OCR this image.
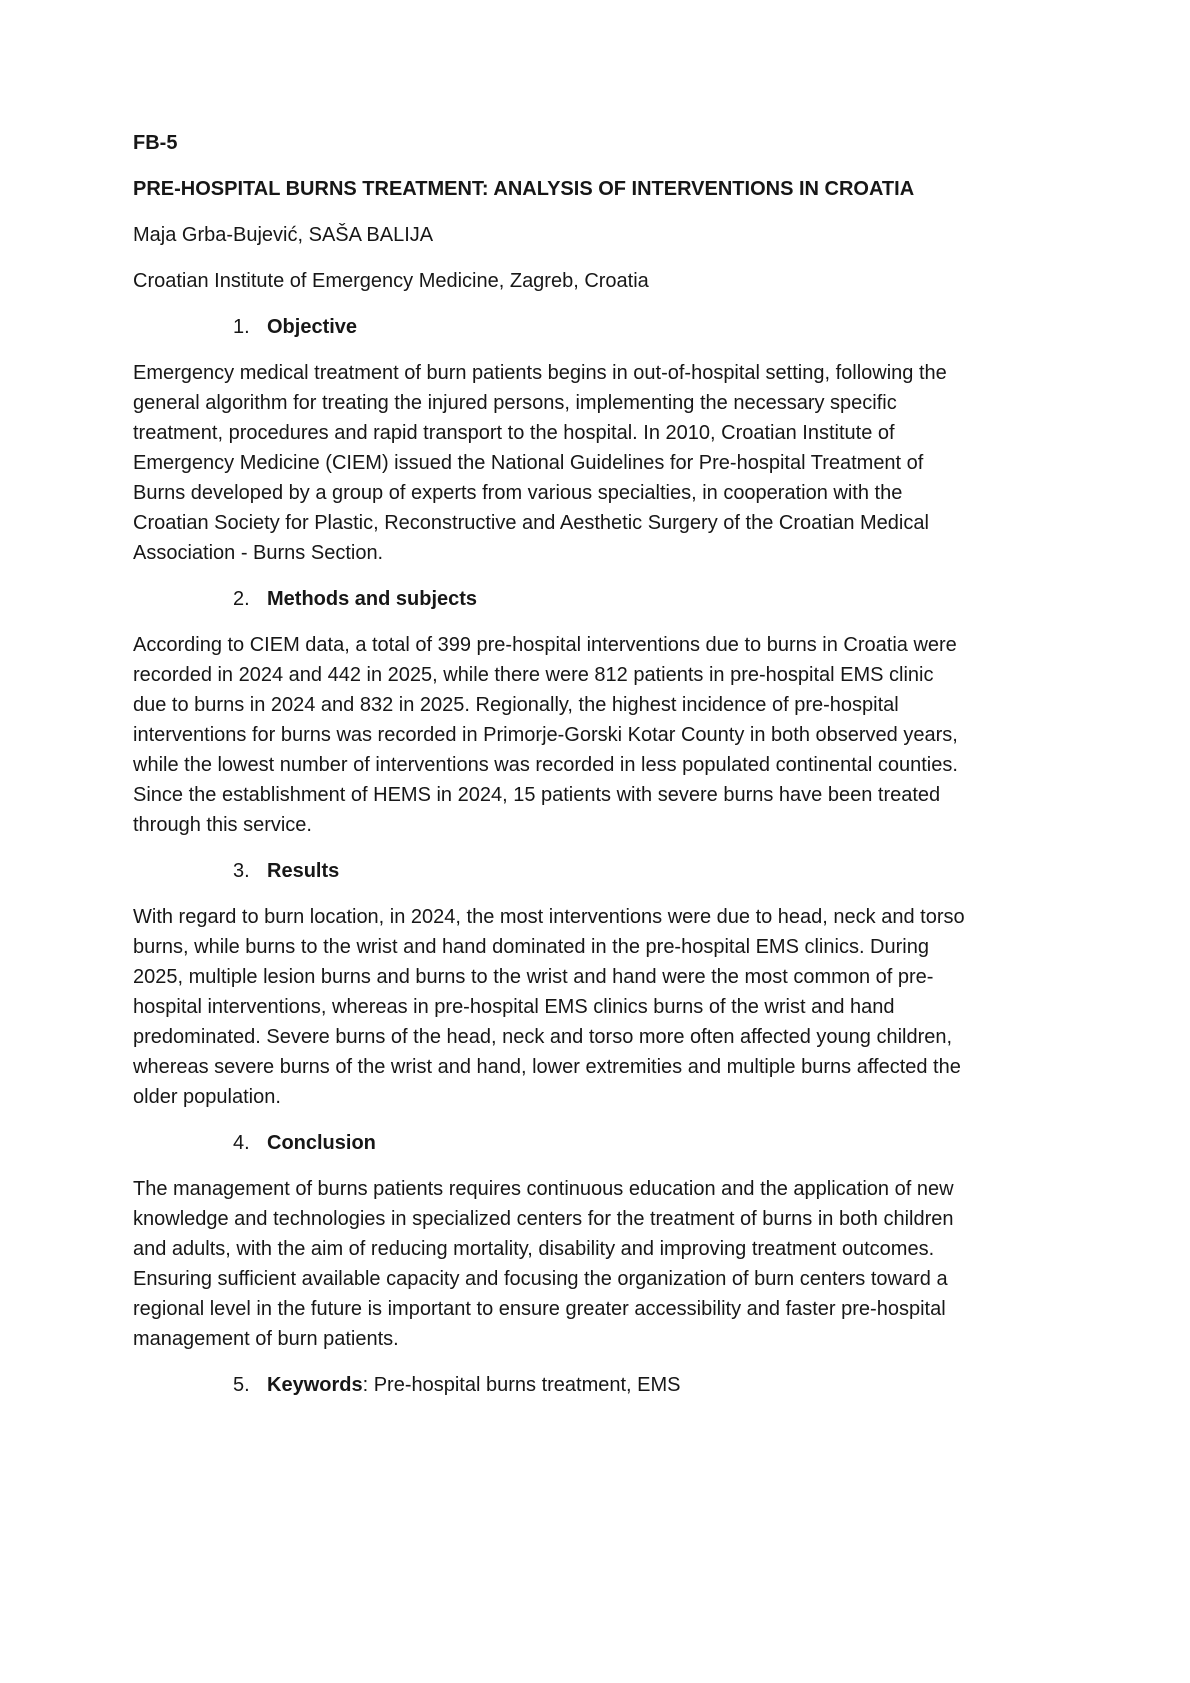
FB-5
PRE-HOSPITAL BURNS TREATMENT: ANALYSIS OF INTERVENTIONS IN CROATIA
Maja Grba-Bujević, SAŠA BALIJA
Croatian Institute of Emergency Medicine, Zagreb, Croatia
1. Objective

Emergency medical treatment of burn patients begins in out-of-hospital setting, following the general algorithm for treating the injured persons, implementing the necessary specific treatment, procedures and rapid transport to the hospital. In 2010, Croatian Institute of Emergency Medicine (CIEM) issued the National Guidelines for Pre-hospital Treatment of Burns developed by a group of experts from various specialties, in cooperation with the Croatian Society for Plastic, Reconstructive and Aesthetic Surgery of the Croatian Medical Association - Burns Section.

2. Methods and subjects

According to CIEM data, a total of 399 pre-hospital interventions due to burns in Croatia were recorded in 2024 and 442 in 2025, while there were 812 patients in pre-hospital EMS clinic due to burns in 2024 and 832 in 2025. Regionally, the highest incidence of pre-hospital interventions for burns was recorded in Primorje-Gorski Kotar County in both observed years, while the lowest number of interventions was recorded in less populated continental counties. Since the establishment of HEMS in 2024, 15 patients with severe burns have been treated through this service.

3. Results

With regard to burn location, in 2024, the most interventions were due to head, neck and torso burns, while burns to the wrist and hand dominated in the pre-hospital EMS clinics. During 2025, multiple lesion burns and burns to the wrist and hand were the most common of pre-hospital interventions, whereas in pre-hospital EMS clinics burns of the wrist and hand predominated. Severe burns of the head, neck and torso more often affected young children, whereas severe burns of the wrist and hand, lower extremities and multiple burns affected the older population.

4. Conclusion

The management of burns patients requires continuous education and the application of new knowledge and technologies in specialized centers for the treatment of burns in both children and adults, with the aim of reducing mortality, disability and improving treatment outcomes. Ensuring sufficient available capacity and focusing the organization of burn centers toward a regional level in the future is important to ensure greater accessibility and faster pre-hospital management of burn patients.

5. Keywords: Pre-hospital burns treatment, EMS
